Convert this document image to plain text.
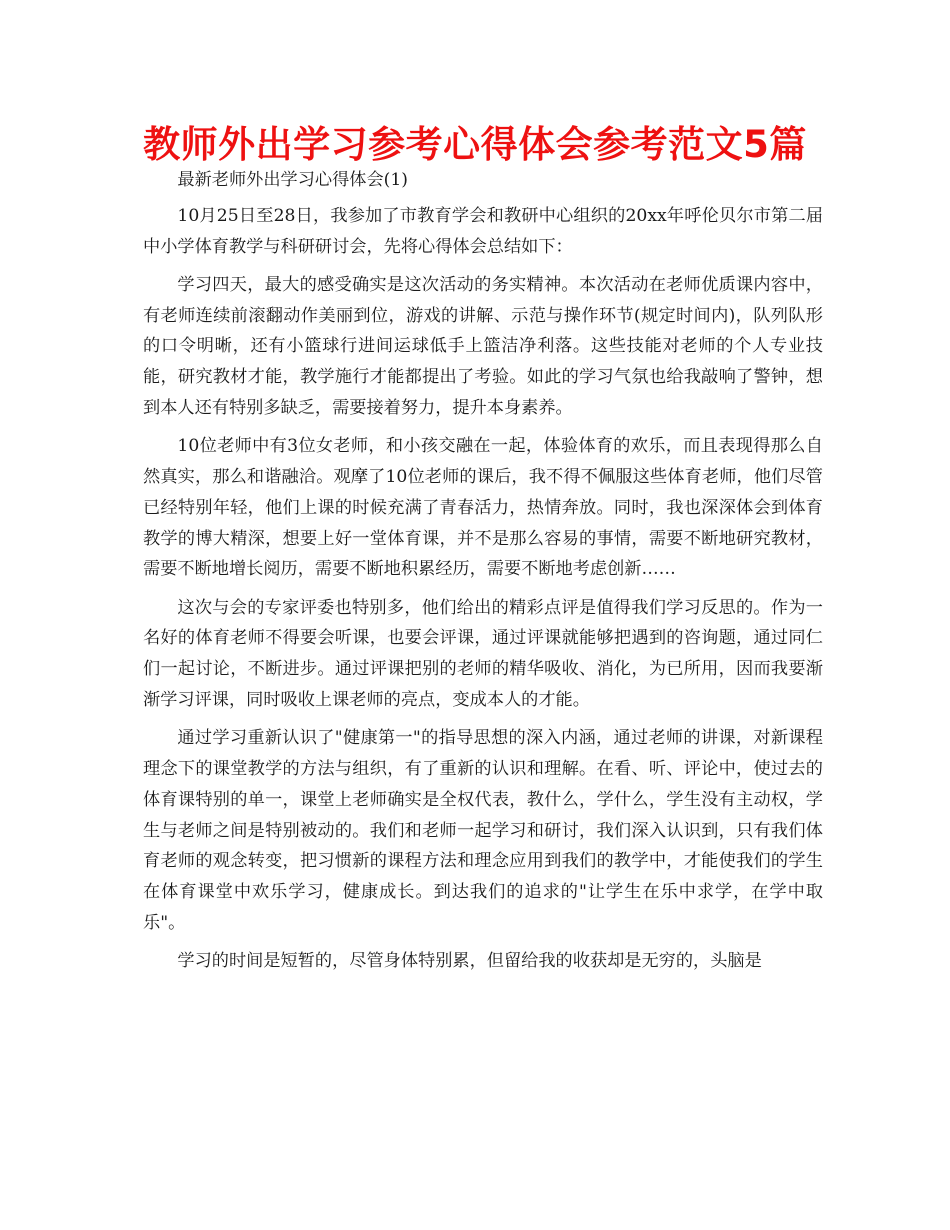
教师外出学习参考心得体会参考范文5篇

最新老师外出学习心得体会(1)

10月25日至28日，我参加了市教育学会和教研中心组织的20xx年呼伦贝尔市第二届中小学体育教学与科研研讨会，先将心得体会总结如下：

学习四天，最大的感受确实是这次活动的务实精神。本次活动在老师优质课内容中，有老师连续前滚翻动作美丽到位，游戏的讲解、示范与操作环节(规定时间内)，队列队形的口令明晰，还有小篮球行进间运球低手上篮洁净利落。这些技能对老师的个人专业技能，研究教材才能，教学施行才能都提出了考验。如此的学习气氛也给我敲响了警钟，想到本人还有特别多缺乏，需要接着努力，提升本身素养。

10位老师中有3位女老师，和小孩交融在一起，体验体育的欢乐，而且表现得那么自然真实，那么和谐融洽。观摩了10位老师的课后，我不得不佩服这些体育老师，他们尽管已经特别年轻，他们上课的时候充满了青春活力，热情奔放。同时，我也深深体会到体育教学的博大精深，想要上好一堂体育课，并不是那么容易的事情，需要不断地研究教材，需要不断地增长阅历，需要不断地积累经历，需要不断地考虑创新……

这次与会的专家评委也特别多，他们给出的精彩点评是值得我们学习反思的。作为一名好的体育老师不得要会听课，也要会评课，通过评课就能够把遇到的咨询题，通过同仁们一起讨论，不断进步。通过评课把别的老师的精华吸收、消化，为已所用，因而我要渐渐学习评课，同时吸收上课老师的亮点，变成本人的才能。

通过学习重新认识了"健康第一"的指导思想的深入内涵，通过老师的讲课，对新课程理念下的课堂教学的方法与组织，有了重新的认识和理解。在看、听、评论中，使过去的体育课特别的单一，课堂上老师确实是全权代表，教什么，学什么，学生没有主动权，学生与老师之间是特别被动的。我们和老师一起学习和研讨，我们深入认识到，只有我们体育老师的观念转变，把习惯新的课程方法和理念应用到我们的教学中，才能使我们的学生在体育课堂中欢乐学习，健康成长。到达我们的追求的"让学生在乐中求学，在学中取乐"。

学习的时间是短暂的，尽管身体特别累，但留给我的收获却是无穷的，头脑是
